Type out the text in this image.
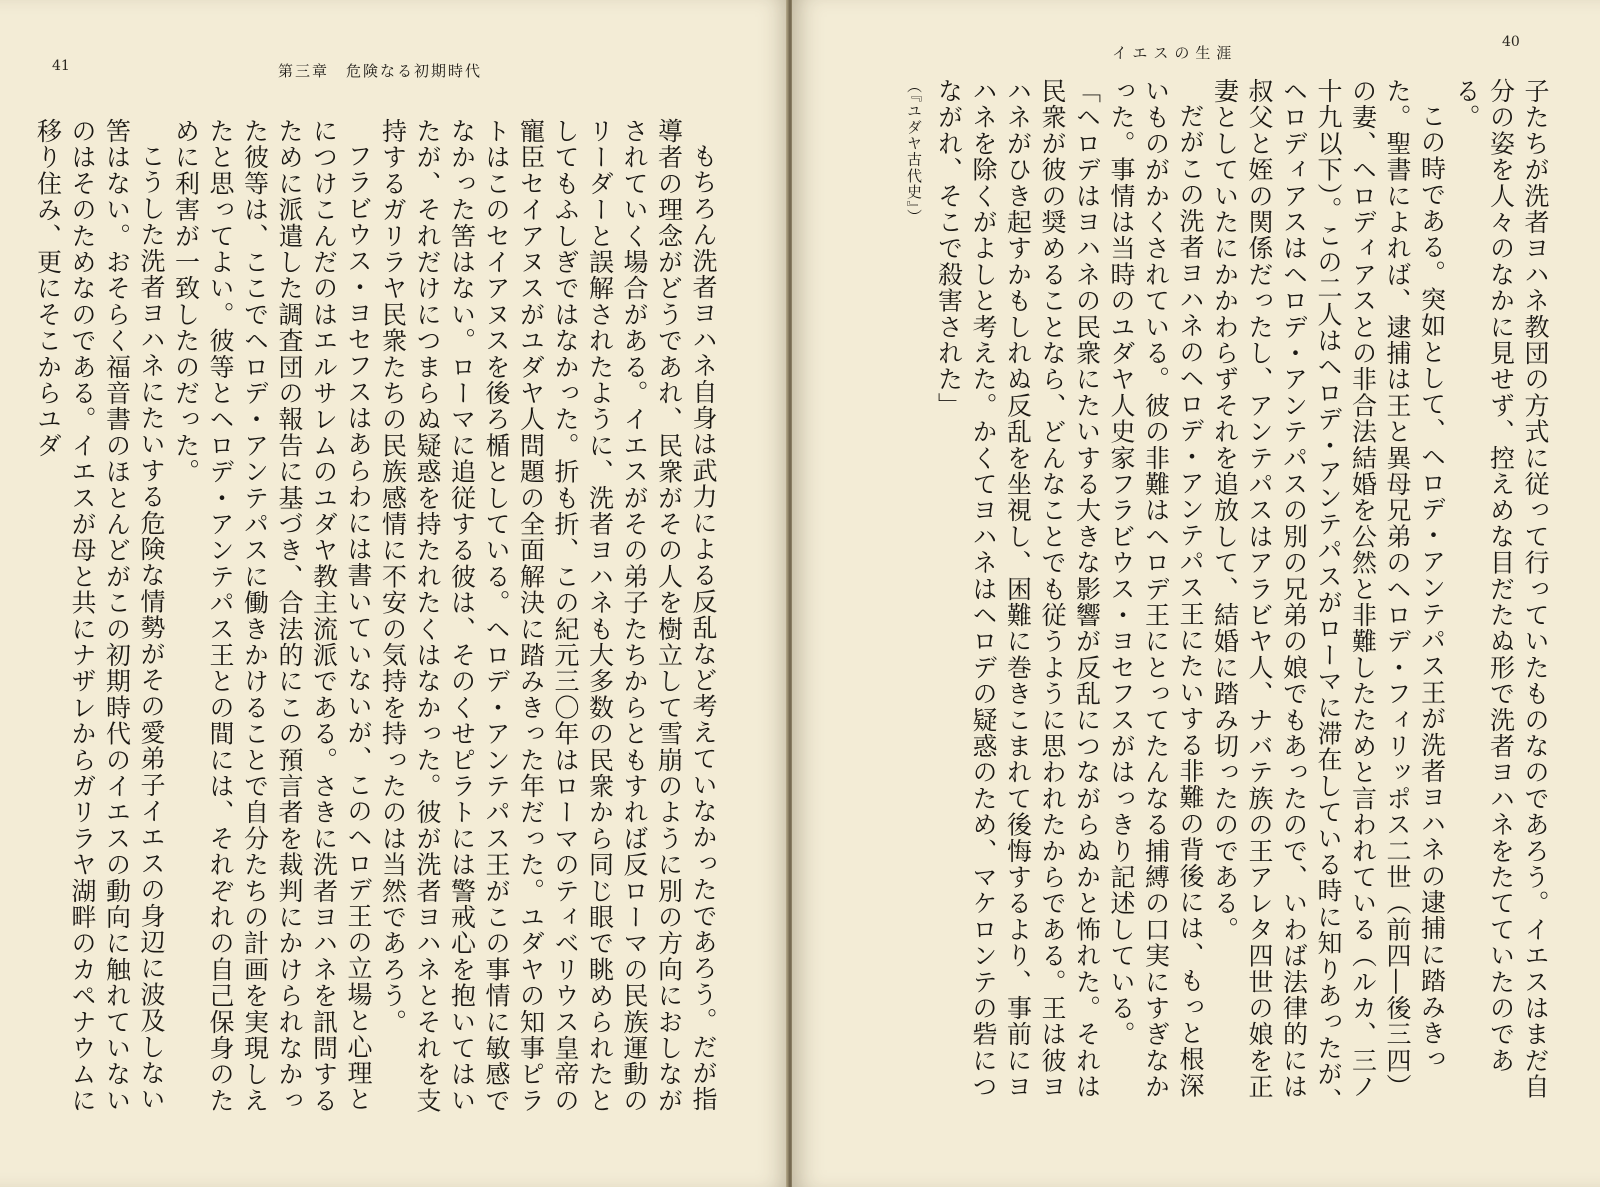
41	第三章　危険なる初期時代

もちろん洗者ヨハネ自身は武力による反乱など考えていなかったであろう。だが指導者の理念がどうであれ、民衆がその人を樹立して雪崩のように別の方向におしながされていく場合がある。イエスがその弟子たちからともすれば反ローマの民族運動のリーダーと誤解されたように、洗者ヨハネも大多数の民衆から同じ眼で眺められたとしてもふしぎではなかった。折も折、この紀元三〇年はローマのティベリウス皇帝の寵臣セイアヌスがユダヤ人問題の全面解決に踏みきった年だった。ユダヤの知事ピラトはこのセイアヌスを後ろ楯としている。ヘロデ・アンテパス王がこの事情に敏感でなかった筈はない。ローマに追従する彼は、そのくせピラトには警戒心を抱いてはいたが、それだけにつまらぬ疑惑を持たれたくはなかった。彼が洗者ヨハネとそれを支持するガリラヤ民衆たちの民族感情に不安の気持を持ったのは当然であろう。

フラビウス・ヨセフスはあらわには書いていないが、このヘロデ王の立場と心理とにつけこんだのはエルサレムのユダヤ教主流派である。さきに洗者ヨハネを訊問するために派遣した調査団の報告に基づき、合法的にこの預言者を裁判にかけられなかった彼等は、ここでヘロデ・アンテパスに働きかけることで自分たちの計画を実現しえたと思ってよい。彼等とヘロデ・アンテパス王との間には、それぞれの自己保身のために利害が一致したのだった。

こうした洗者ヨハネにたいする危険な情勢がその愛弟子イエスの身辺に波及しない筈はない。おそらく福音書のほとんどがこの初期時代のイエスの動向に触れていないのはそのためなのである。イエスが母と共にナザレからガリラヤ湖畔のカペナウムに移り住み、更にそこからユダ

イエスの生涯
40

子たちが洗者ヨハネ教団の方式に従って行っていたものなのであろう。イエスはまだ自分の姿を人々のなかに見せず、控えめな目だたぬ形で洗者ヨハネをたてていたのである。

この時である。突如として、ヘロデ・アンテパス王が洗者ヨハネの逮捕に踏みきった。聖書によれば、逮捕は王と異母兄弟のヘロデ・フィリッポス二世（前四―後三四）の妻、ヘロディアスとの非合法結婚を公然と非難したためと言われている（ルカ、三ノ十九以下）。この二人はヘロデ・アンテパスがローマに滞在している時に知りあったが、ヘロディアスはヘロデ・アンテパスの別の兄弟の娘でもあったので、いわば法律的には叔父と姪の関係だったし、アンテパスはアラビヤ人、ナバテ族の王アレタ四世の娘を正妻としていたにかかわらずそれを追放して、結婚に踏み切ったのである。

だがこの洗者ヨハネのヘロデ・アンテパス王にたいする非難の背後には、もっと根深いものがかくされている。彼の非難はヘロデ王にとってたんなる捕縛の口実にすぎなかった。事情は当時のユダヤ人史家フラビウス・ヨセフスがはっきり記述している。

「ヘロデはヨハネの民衆にたいする大きな影響が反乱につながらぬかと怖れた。それは民衆が彼の奨めることなら、どんなことでも従うように思われたからである。王は彼ヨハネがひき起すかもしれぬ反乱を坐視し、困難に巻きこまれて後悔するより、事前にヨハネを除くがよしと考えた。かくてヨハネはヘロデの疑惑のため、マケロンテの砦につながれ、そこで殺害された」

（『ユダヤ古代史』）
